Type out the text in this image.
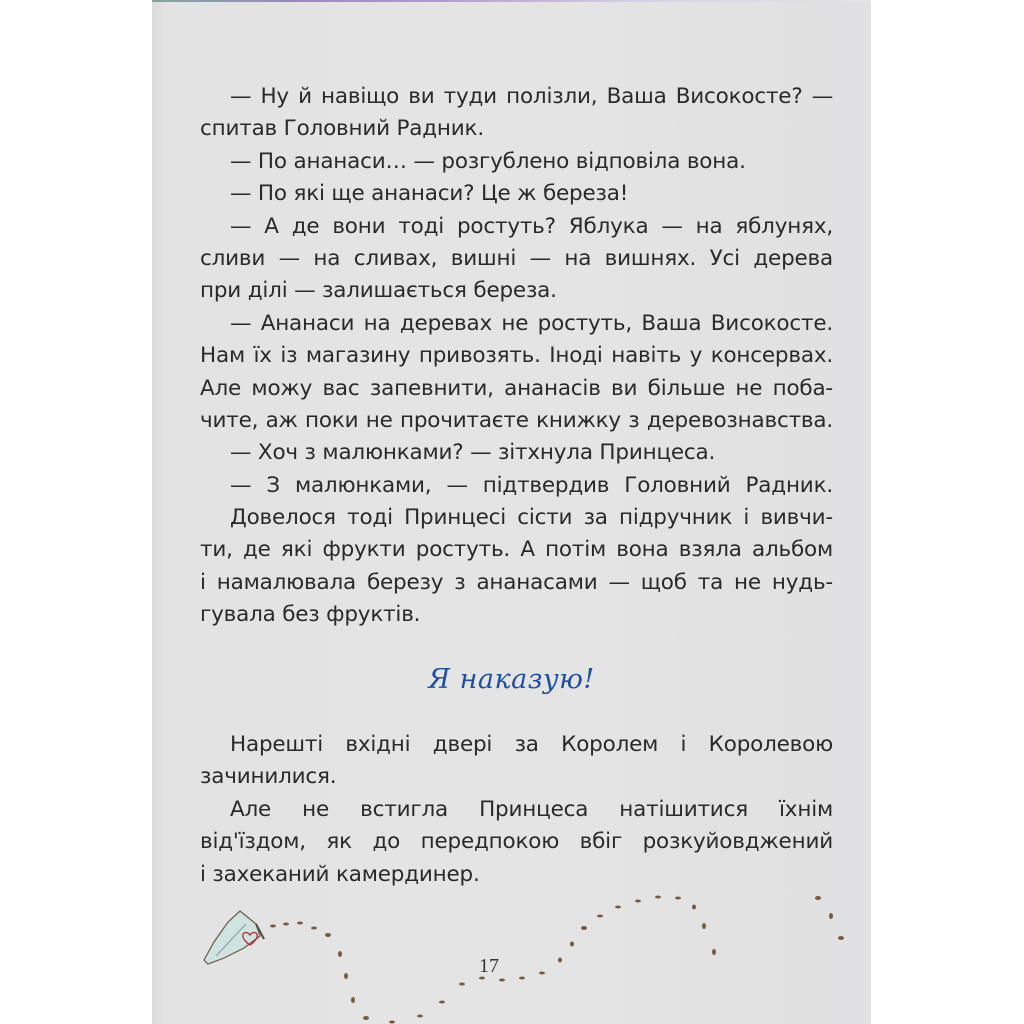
— Ну й навіщо ви туди полізли, Ваша Високосте? —
спитав Головний Радник.
— По ананаси… — розгублено відповіла вона.
— По які ще ананаси? Це ж береза!
— А де вони тоді ростуть? Яблука — на яблунях,
сливи — на сливах, вишні — на вишнях. Усі дерева
при ділі — залишається береза.
— Ананаси на деревах не ростуть, Ваша Високосте.
Нам їх із магазину привозять. Іноді навіть у консервах.
Але можу вас запевнити, ананасів ви більше не поба-
чите, аж поки не прочитаєте книжку з деревознавства.
— Хоч з малюнками? — зітхнула Принцеса.
— З малюнками, — підтвердив Головний Радник.
Довелося тоді Принцесі сісти за підручник і вивчи-
ти, де які фрукти ростуть. А потім вона взяла альбом
і намалювала березу з ананасами — щоб та не нудь-
гувала без фруктів.
Я наказую!
Нарешті вхідні двері за Королем і Королевою
зачинилися.
Але не встигла Принцеса натішитися їхнім
від'їздом, як до передпокою вбіг розкуйовджений
і захеканий камердинер.
17
